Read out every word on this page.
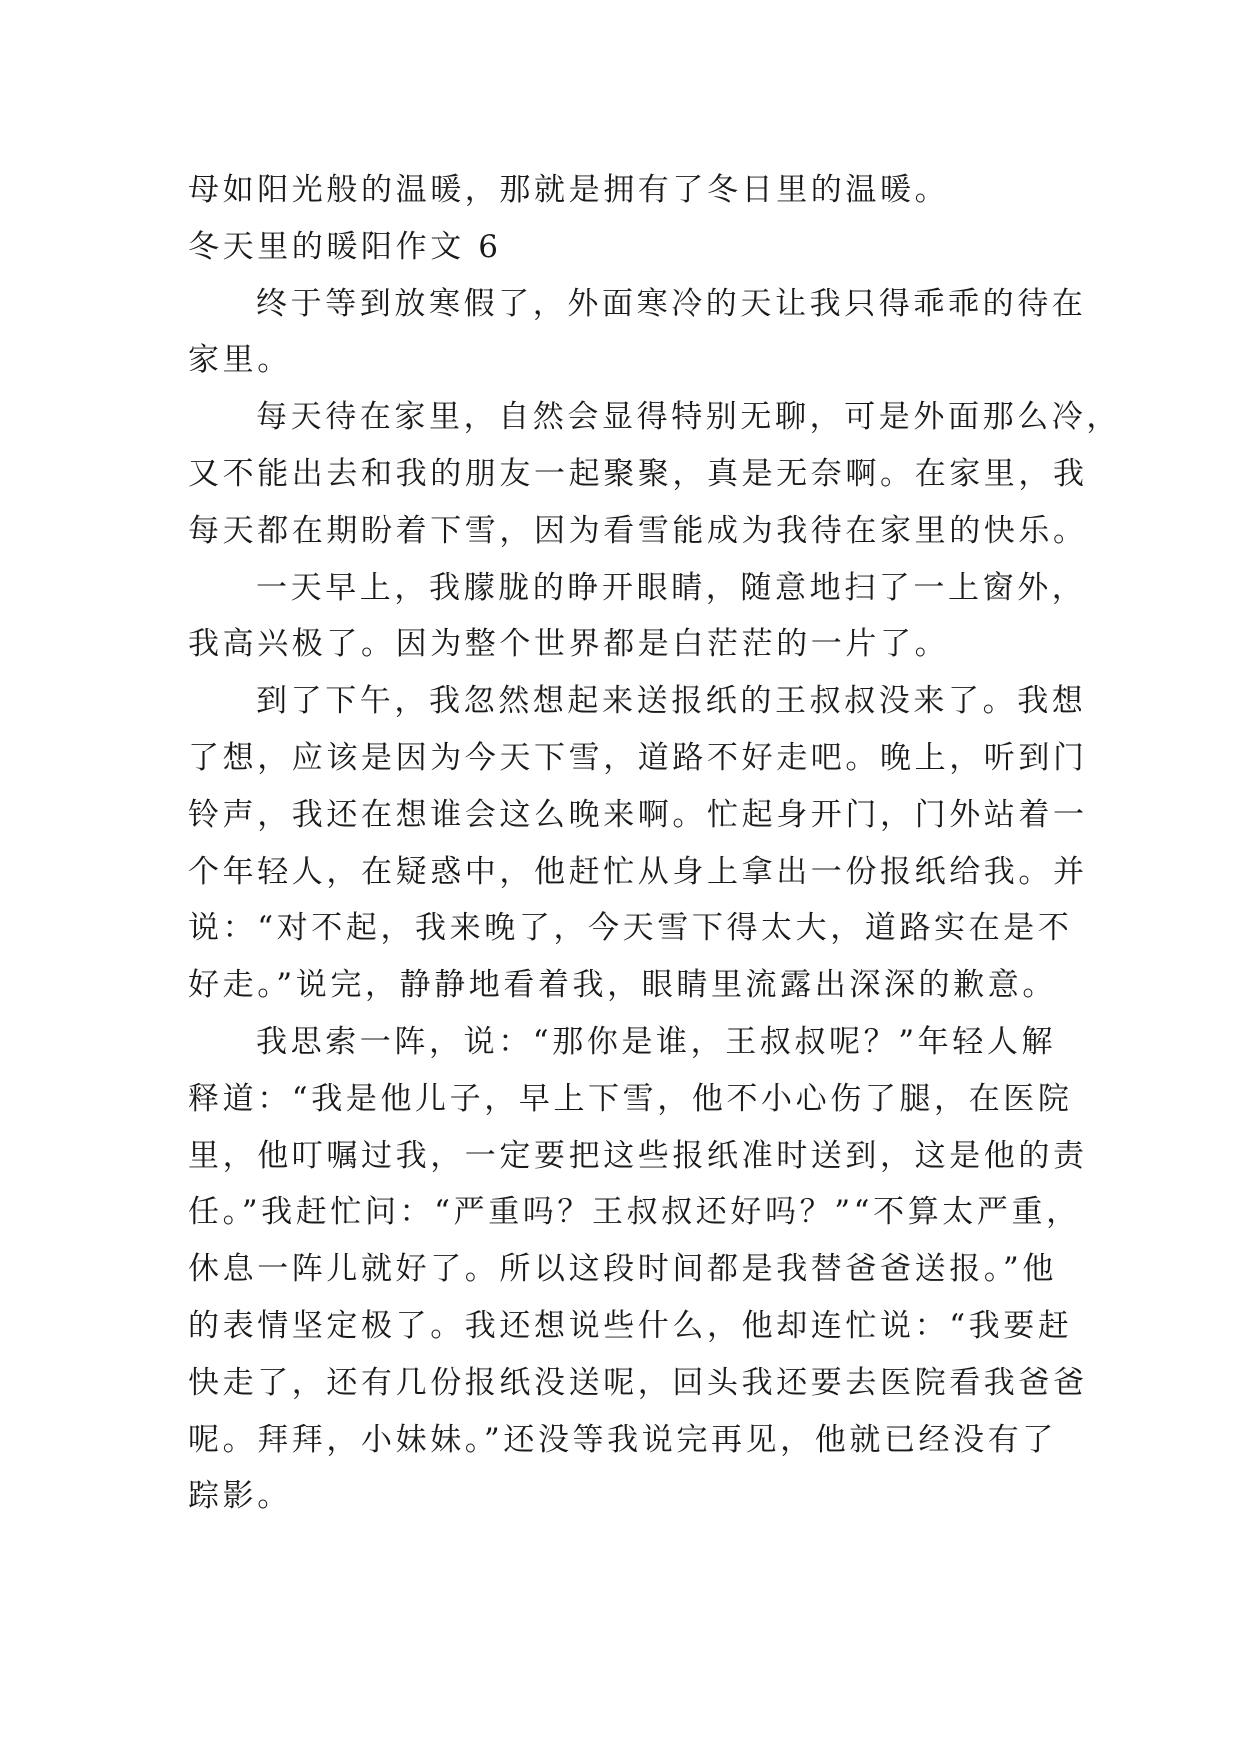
母如阳光般的温暖，那就是拥有了冬日里的温暖。
冬天里的暖阳作文 6
终于等到放寒假了，外面寒冷的天让我只得乖乖的待在
家里。
每天待在家里，自然会显得特别无聊，可是外面那么冷，
又不能出去和我的朋友一起聚聚，真是无奈啊。在家里，我
每天都在期盼着下雪，因为看雪能成为我待在家里的快乐。
一天早上，我朦胧的睁开眼睛，随意地扫了一上窗外，
我高兴极了。因为整个世界都是白茫茫的一片了。
到了下午，我忽然想起来送报纸的王叔叔没来了。我想
了想，应该是因为今天下雪，道路不好走吧。晚上，听到门
铃声，我还在想谁会这么晚来啊。忙起身开门，门外站着一
个年轻人，在疑惑中，他赶忙从身上拿出一份报纸给我。并
说：“对不起，我来晚了，今天雪下得太大，道路实在是不
好走。”说完，静静地看着我，眼睛里流露出深深的歉意。
我思索一阵，说：“那你是谁，王叔叔呢？”年轻人解
释道：“我是他儿子，早上下雪，他不小心伤了腿，在医院
里，他叮嘱过我，一定要把这些报纸准时送到，这是他的责
任。”我赶忙问：“严重吗？王叔叔还好吗？”“不算太严重，
休息一阵儿就好了。所以这段时间都是我替爸爸送报。”他
的表情坚定极了。我还想说些什么，他却连忙说：“我要赶
快走了，还有几份报纸没送呢，回头我还要去医院看我爸爸
呢。拜拜，小妹妹。”还没等我说完再见，他就已经没有了
踪影。
